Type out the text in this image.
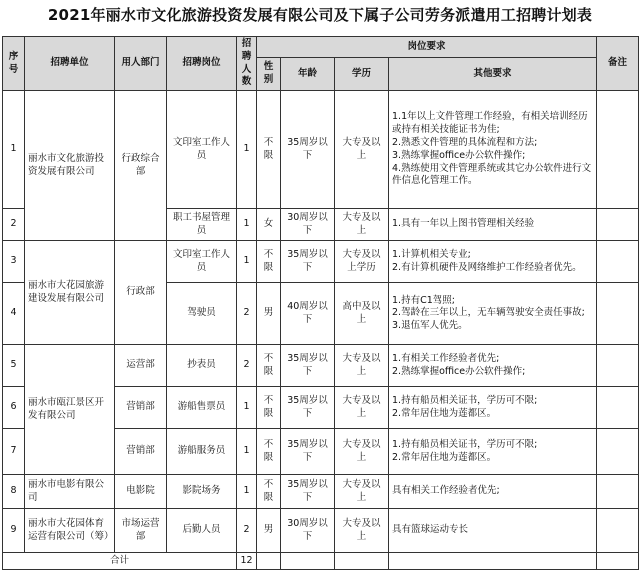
2021年丽水市文化旅游投资发展有限公司及下属子公司劳务派遣用工招聘计划表
序号	招聘单位	用人部门	招聘岗位	招聘人数	岗位要求				备注
					性别	年龄	学历	其他要求	
1	丽水市文化旅游投资发展有限公司	行政综合部	文印室工作人员	1	不限	35周岁以下	大专及以上	1.1年以上文件管理工作经验，有相关培训经历或持有相关技能证书为佳;
2.熟悉文件管理的具体流程和方法;
3.熟练掌握office办公软件操作;
4.熟练使用文件管理系统或其它办公软件进行文件信息化管理工作。	

2			职工书屋管理员	1	女	30周岁以下	大专及以上	1.具有一年以上图书管理相关经验	

3	丽水市大花园旅游建设发展有限公司	行政部	文印室工作人员	1	不限	35周岁以下	大专及以上学历	1.计算机相关专业;
2.有计算机硬件及网络维护工作经验者优先。	

4			驾驶员	2	男	40周岁以下	高中及以上	1.持有C1驾照;
2.驾龄在三年以上，无车辆驾驶安全责任事故;
3.退伍军人优先。	

5	丽水市瓯江景区开发有限公司	运营部	抄表员	2	不限	35周岁以下	大专及以上	1.有相关工作经验者优先;
2.熟练掌握office办公软件操作;	

6		营销部	游船售票员	1	不限	35周岁以下	大专及以上	1.持有船员相关证书，学历可不限;
2.常年居住地为莲都区。	

7		营销部	游船服务员	1	不限	35周岁以下	大专及以上	1.持有船员相关证书，学历可不限;
2.常年居住地为莲都区。	

8	丽水市电影有限公司	电影院	影院场务	1	不限	35周岁以下	大专及以上	具有相关工作经验者优先;	

9	丽水市大花园体育运营有限公司（筹）	市场运营部	后勤人员	2	男	30周岁以下	大专及以上	具有篮球运动专长	

合计				12					
